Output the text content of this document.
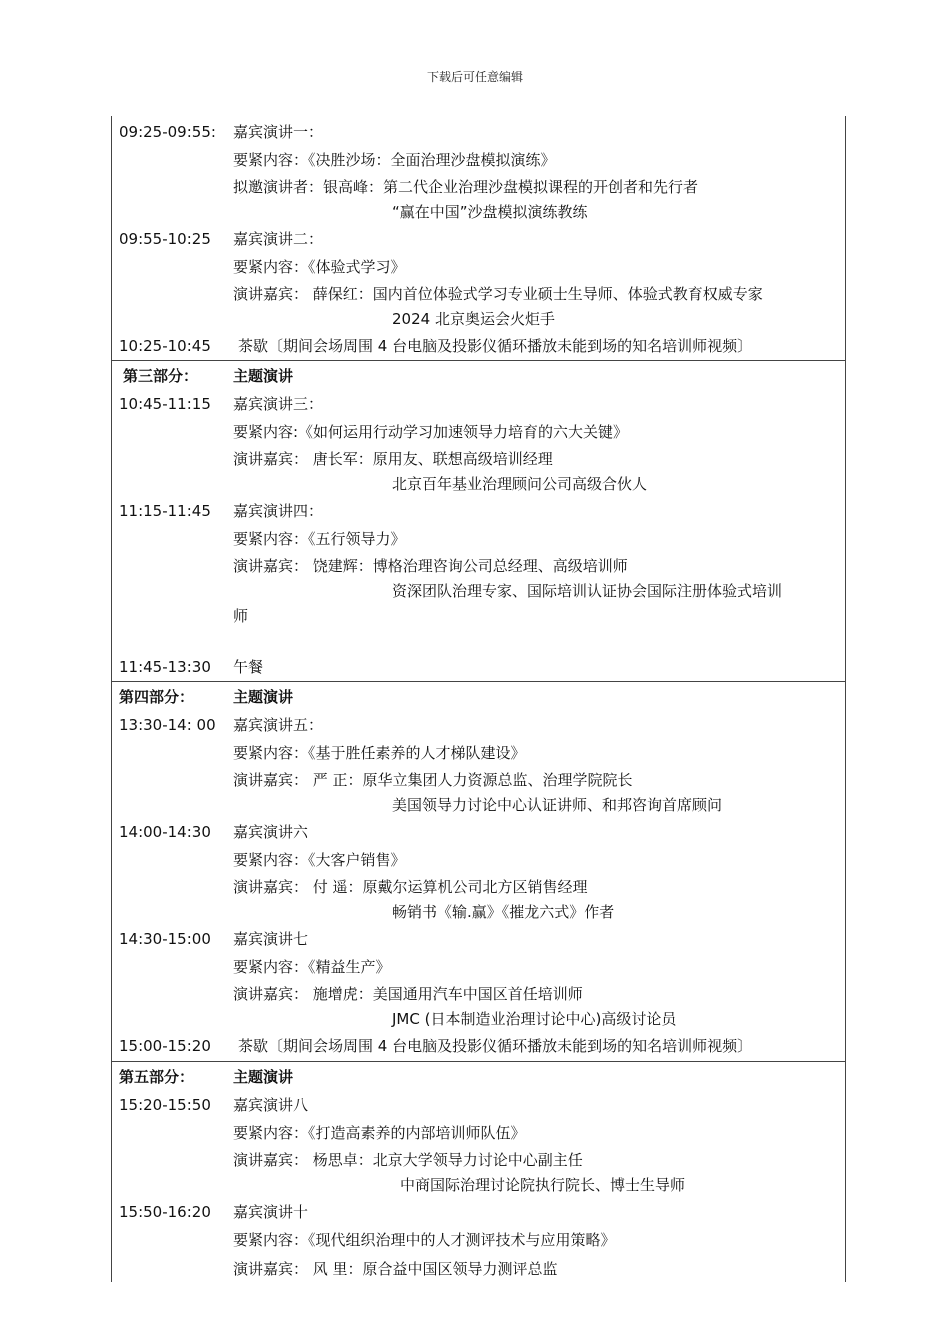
下载后可任意编辑
09:25-09:55: 嘉宾演讲一：
要紧内容：《决胜沙场：全面治理沙盘模拟演练》
拟邀演讲者：银高峰：第二代企业治理沙盘模拟课程的开创者和先行者
“赢在中国”沙盘模拟演练教练
09:55-10:25 嘉宾演讲二：
要紧内容：《体验式学习》
演讲嘉宾： 薛保红：国内首位体验式学习专业硕士生导师、体验式教育权威专家
2024 北京奥运会火炬手
10:25-10:45 茶歇〔期间会场周围 4 台电脑及投影仪循环播放未能到场的知名培训师视频〕
第三部分： 主题演讲
10:45-11:15 嘉宾演讲三：
要紧内容:《如何运用行动学习加速领导力培育的六大关键》
演讲嘉宾： 唐长军：原用友、联想高级培训经理
北京百年基业治理顾问公司高级合伙人
11:15-11:45 嘉宾演讲四：
要紧内容：《五行领导力》
演讲嘉宾： 饶建辉：博格治理咨询公司总经理、高级培训师
资深团队治理专家、国际培训认证协会国际注册体验式培训
师
11:45-13:30 午餐
第四部分：	主题演讲
13:30-14: 00 嘉宾演讲五：
要紧内容：《基于胜任素养的人才梯队建设》
演讲嘉宾： 严 正：原华立集团人力资源总监、治理学院院长
美国领导力讨论中心认证讲师、和邦咨询首席顾问
14:00-14:30 嘉宾演讲六
要紧内容：《大客户销售》
演讲嘉宾： 付 遥：原戴尔运算机公司北方区销售经理
畅销书《输.赢》《摧龙六式》作者
14:30-15:00 嘉宾演讲七
要紧内容：《精益生产》
演讲嘉宾： 施增虎：美国通用汽车中国区首任培训师
JMC (日本制造业治理讨论中心)高级讨论员
15:00-15:20 茶歇〔期间会场周围 4 台电脑及投影仪循环播放未能到场的知名培训师视频〕
第五部分：	主题演讲
15:20-15:50 嘉宾演讲八
要紧内容：《打造高素养的内部培训师队伍》
演讲嘉宾： 杨思卓：北京大学领导力讨论中心副主任
中商国际治理讨论院执行院长、博士生导师
15:50-16:20 嘉宾演讲十
要紧内容：《现代组织治理中的人才测评技术与应用策略》
演讲嘉宾： 风 里：原合益中国区领导力测评总监
